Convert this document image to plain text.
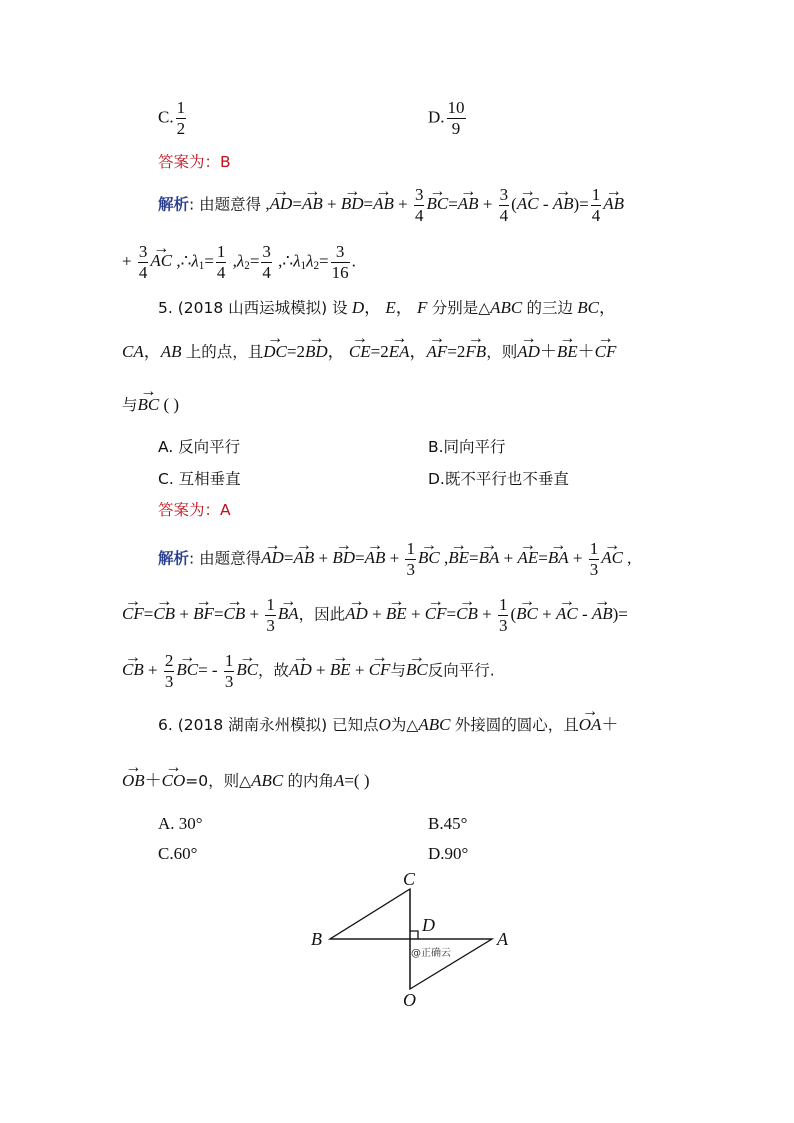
C. $\frac{1}{2}$	D. $\frac{10}{9}$
答案为：B
解析: 由题意得 ,→ AD=→ AB + → BD=→ AB + $\frac{3}{4}$
→ BC=→ AB + $\frac{3}{4}$ (→ AC - → $AB)= \frac{1}{4}$
→ AB
+ $\frac{3}{4}$
→ AC $,\therefore\lambda_1= \frac{1}{4} ,\lambda_2= \frac{3}{4}$ $,\therefore\lambda_1\lambda_2= \frac{3}{16}$ .
5. (2018 山西运城模拟) 设 D， E， F 分别是△ABC 的三边 BC，
CA，AB 上的点，且→ DC=2→ BD， → CE=2→ EA，→ AF=2→ FB，则→ AD＋→ BE＋→ CF
与→ BC ( )
A. 反向平行	B.同向平行
C. 互相垂直	D.既不平行也不垂直
答案为：A
解析: 由题意得→ AD=→ AB + → BD=→ AB + $\frac{1}{3}$
→ BC ,→ BE=→ BA + → AE=→ BA + $\frac{1}{3}$
→ AC ,
→ CF=→ CB + → BF=→ CB + $\frac{1}{3}$
→ BA，因此→ AD + → BE + → CF=→ CB + $\frac{1}{3}$ (→ BC + → AC - → AB)=
→ CB + $\frac{2}{3}$
→ $BC= - \frac{1}{3}$
→ BC，故→ AD + → BE + → CF与→ BC反向平行.
6. (2018 湖南永州模拟) 已知点O为△ABC 外接圆的圆心，且→ OA＋
→ OB＋→ CO=0，则△ABC 的内角A=( )
A. 30°	B.45°
C.60°	D.90°
C
B	A
D
O
@正确云
